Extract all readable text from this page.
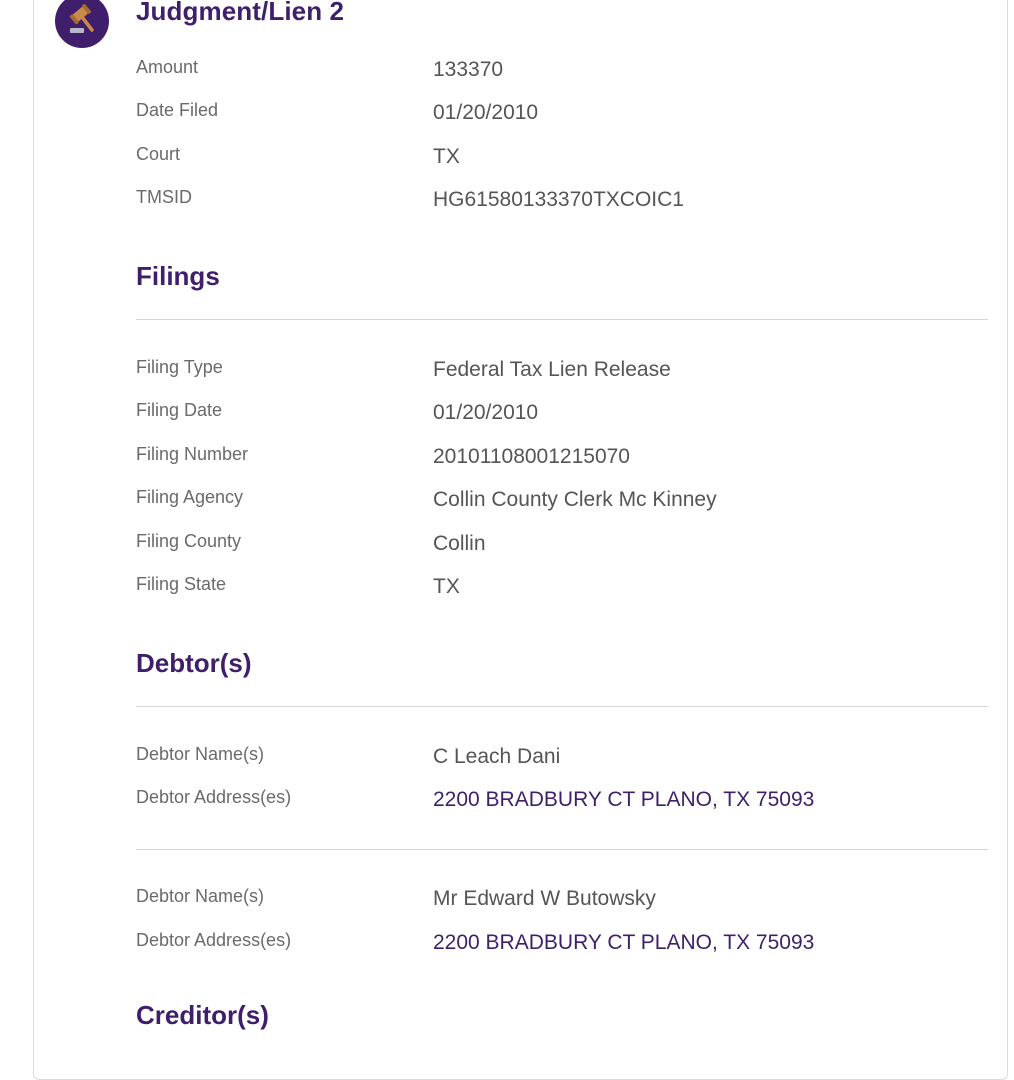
Judgment/Lien 2
Amount	133370
Date Filed	01/20/2010
Court	TX
TMSID	HG61580133370TXCOIC1
Filings
Filing Type	Federal Tax Lien Release
Filing Date	01/20/2010
Filing Number	20101108001215070
Filing Agency	Collin County Clerk Mc Kinney
Filing County	Collin
Filing State	TX
Debtor(s)
Debtor Name(s)	C Leach Dani
Debtor Address(es)	2200 BRADBURY CT PLANO, TX 75093
Debtor Name(s)	Mr Edward W Butowsky
Debtor Address(es)	2200 BRADBURY CT PLANO, TX 75093
Creditor(s)
